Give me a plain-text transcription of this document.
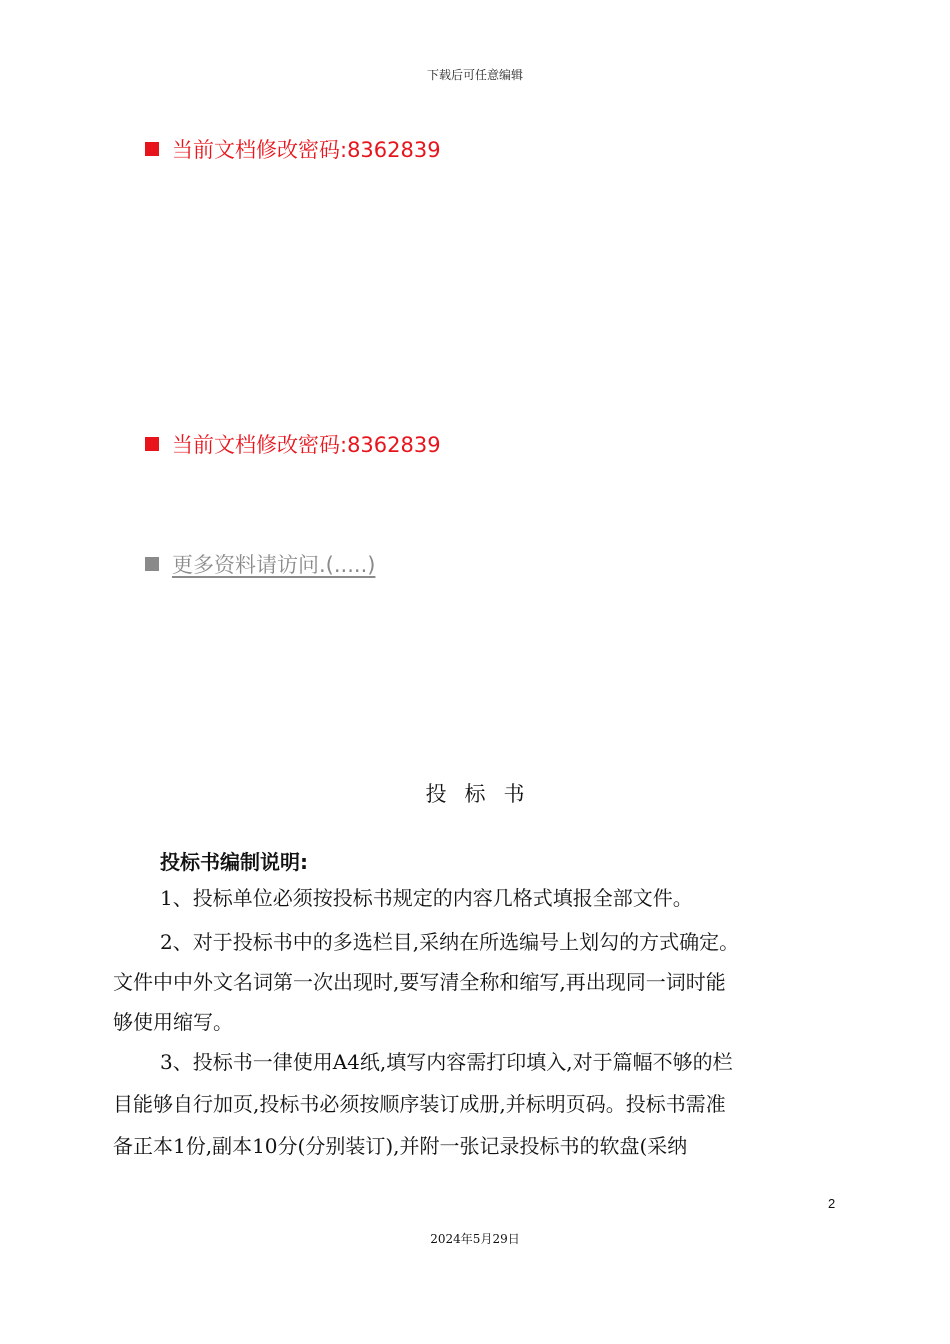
下载后可任意编辑
当前文档修改密码:8362839
当前文档修改密码:8362839
更多资料请访问.(.....)
投标书
投标书编制说明:
1、投标单位必须按投标书规定的内容几格式填报全部文件。
2、对于投标书中的多选栏目,采纳在所选编号上划勾的方式确定。
文件中中外文名词第一次出现时,要写清全称和缩写,再出现同一词时能
够使用缩写。
3、投标书一律使用A4纸,填写内容需打印填入,对于篇幅不够的栏
目能够自行加页,投标书必须按顺序装订成册,并标明页码。投标书需准
备正本1份,副本10分(分别装订),并附一张记录投标书的软盘(采纳
2
2024年5月29日
